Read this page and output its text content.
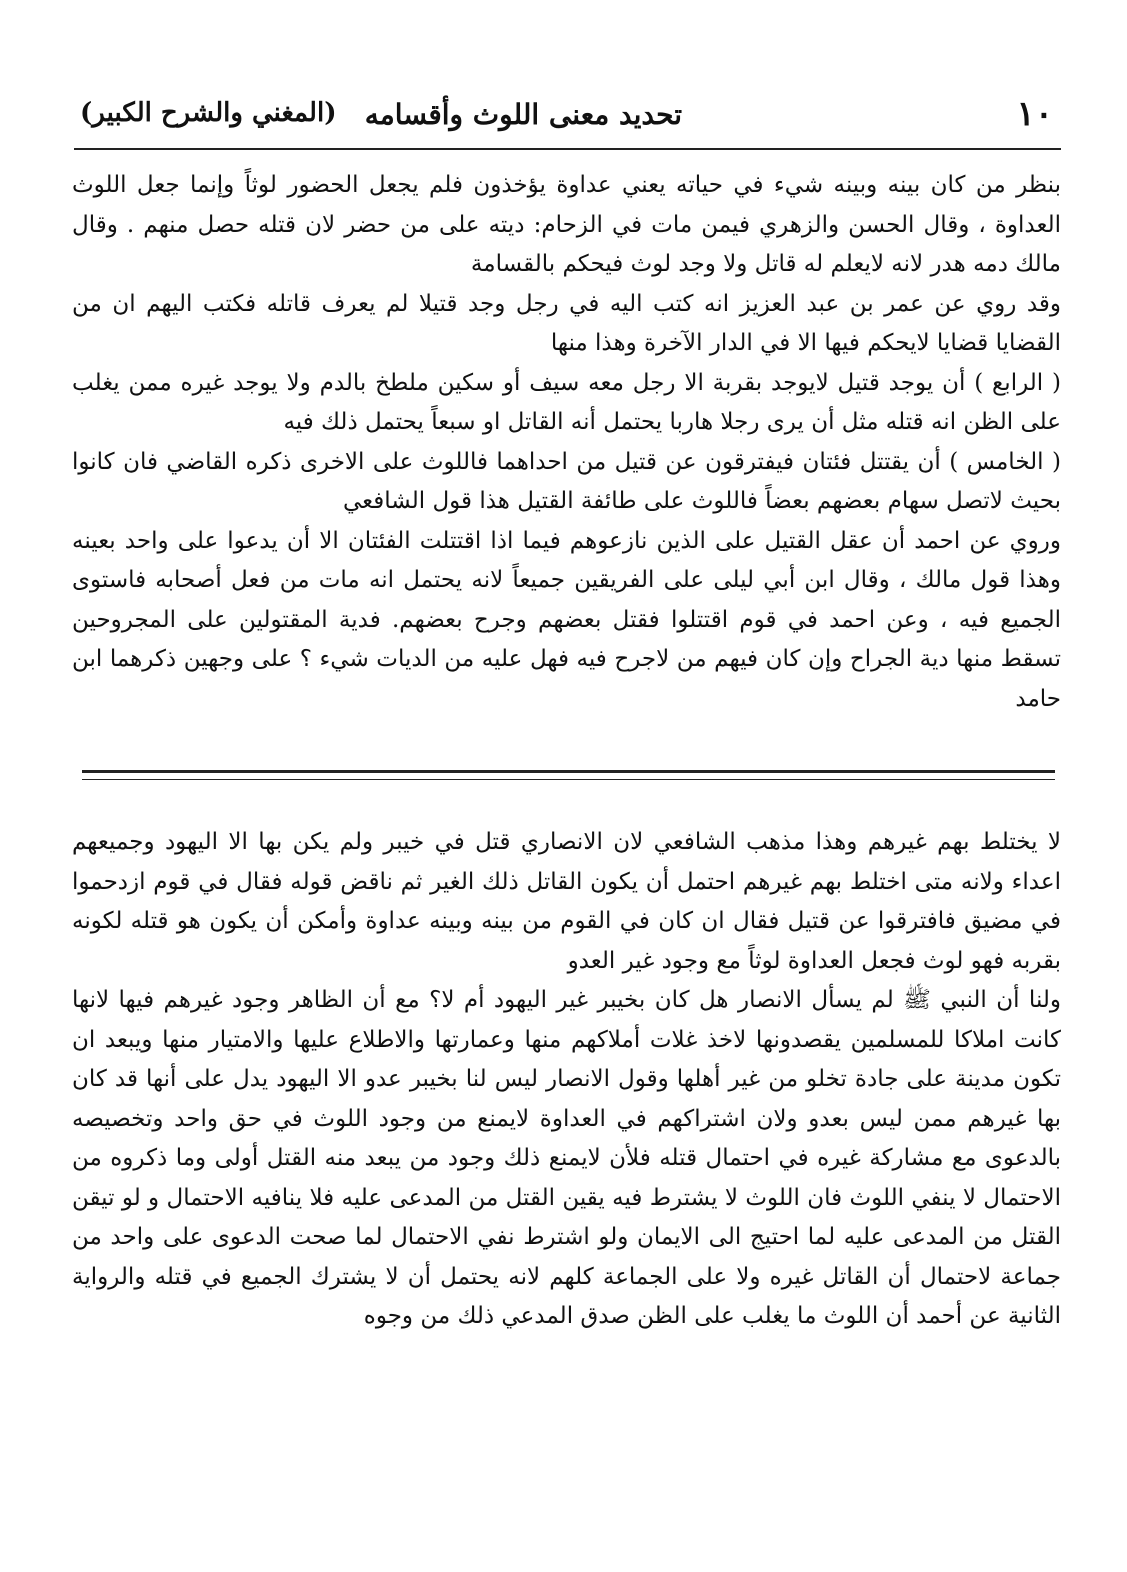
١٠
تحديد معنى اللوث وأقسامه
(المغني والشرح الكبير)

بنظر من كان بينه وبينه شيء في حياته يعني عداوة يؤخذون فلم يجعل الحضور لوثاً وإنما جعل اللوث العداوة ، وقال الحسن والزهري فيمن مات في الزحام: ديته على من حضر لان قتله حصل منهم . وقال مالك دمه هدر لانه لايعلم له قاتل ولا وجد لوث فيحكم بالقسامة

وقد روي عن عمر بن عبد العزيز انه كتب اليه في رجل وجد قتيلا لم يعرف قاتله فكتب اليهم ان من القضايا قضايا لايحكم فيها الا في الدار الآخرة وهذا منها

( الرابع ) أن يوجد قتيل لايوجد بقربة الا رجل معه سيف أو سكين ملطخ بالدم ولا يوجد غيره ممن يغلب على الظن انه قتله مثل أن يرى رجلا هاربا يحتمل أنه القاتل او سبعاً يحتمل ذلك فيه

( الخامس ) أن يقتتل فئتان فيفترقون عن قتيل من احداهما فاللوث على الاخرى ذكره القاضي فان كانوا بحيث لاتصل سهام بعضهم بعضاً فاللوث على طائفة القتيل هذا قول الشافعي

وروي عن احمد أن عقل القتيل على الذين نازعوهم فيما اذا اقتتلت الفئتان الا أن يدعوا على واحد بعينه وهذا قول مالك ، وقال ابن أبي ليلى على الفريقين جميعاً لانه يحتمل انه مات من فعل أصحابه فاستوى الجميع فيه ، وعن احمد في قوم اقتتلوا فقتل بعضهم وجرح بعضهم. فدية المقتولين على المجروحين تسقط منها دية الجراح وإن كان فيهم من لاجرح فيه فهل عليه من الديات شيء ؟ على وجهين ذكرهما ابن حامد

لا يختلط بهم غيرهم وهذا مذهب الشافعي لان الانصاري قتل في خيبر ولم يكن بها الا اليهود وجميعهم اعداء ولانه متى اختلط بهم غيرهم احتمل أن يكون القاتل ذلك الغير ثم ناقض قوله فقال في قوم ازدحموا في مضيق فافترقوا عن قتيل فقال ان كان في القوم من بينه وبينه عداوة وأمكن أن يكون هو قتله لكونه بقربه فهو لوث فجعل العداوة لوثاً مع وجود غير العدو

ولنا أن النبي ﷺ لم يسأل الانصار هل كان بخيبر غير اليهود أم لا؟ مع أن الظاهر وجود غيرهم فيها لانها كانت املاكا للمسلمين يقصدونها لاخذ غلات أملاكهم منها وعمارتها والاطلاع عليها والامتيار منها ويبعد ان تكون مدينة على جادة تخلو من غير أهلها وقول الانصار ليس لنا بخيبر عدو الا اليهود يدل على أنها قد كان بها غيرهم ممن ليس بعدو ولان اشتراكهم في العداوة لايمنع من وجود اللوث في حق واحد وتخصيصه بالدعوى مع مشاركة غيره في احتمال قتله فلأن لايمنع ذلك وجود من يبعد منه القتل أولى وما ذكروه من الاحتمال لا ينفي اللوث فان اللوث لا يشترط فيه يقين القتل من المدعى عليه فلا ينافيه الاحتمال و لو تيقن القتل من المدعى عليه لما احتيج الى الايمان ولو اشترط نفي الاحتمال لما صحت الدعوى على واحد من جماعة لاحتمال أن القاتل غيره ولا على الجماعة كلهم لانه يحتمل أن لا يشترك الجميع في قتله والرواية الثانية عن أحمد أن اللوث ما يغلب على الظن صدق المدعي ذلك من وجوه
